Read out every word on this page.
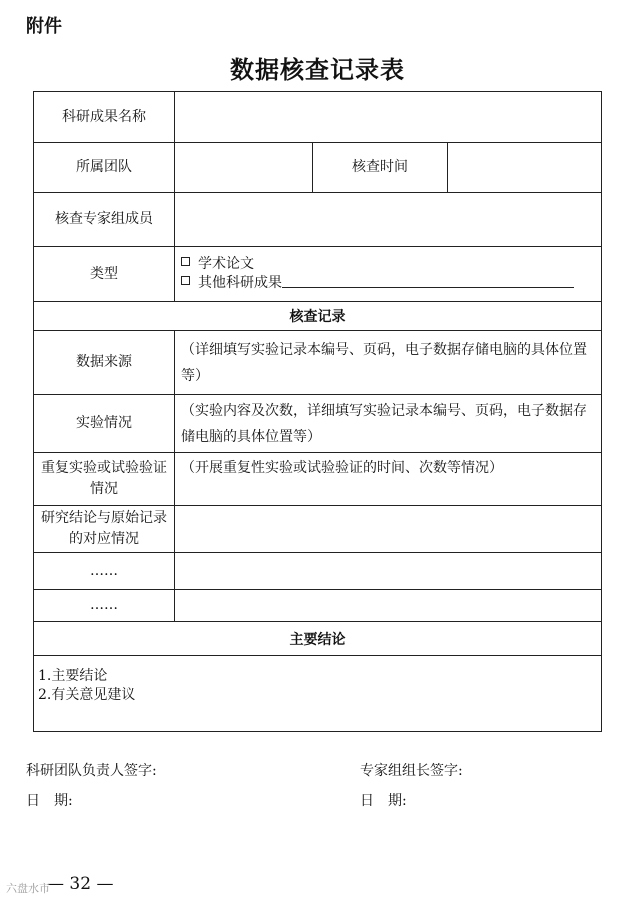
附件
数据核查记录表
科研成果名称			
所属团队		核查时间	
核查专家组成员			
类型	学术论文
其他科研成果		

核查记录			
数据来源	（详细填写实验记录本编号、页码，电子数据存储电脑的具体位置等）		
实验情况	（实验内容及次数，详细填写实验记录本编号、页码，电子数据存储电脑的具体位置等）		
重复实验或试验验证情况	（开展重复性实验或试验验证的时间、次数等情况）		
研究结论与原始记录的对应情况			
……			
……			
主要结论			

1.主要结论
2.有关意见建议			
科研团队负责人签字:
日　期:
专家组组长签字:
日　期:
— 32 —
六盘水市
